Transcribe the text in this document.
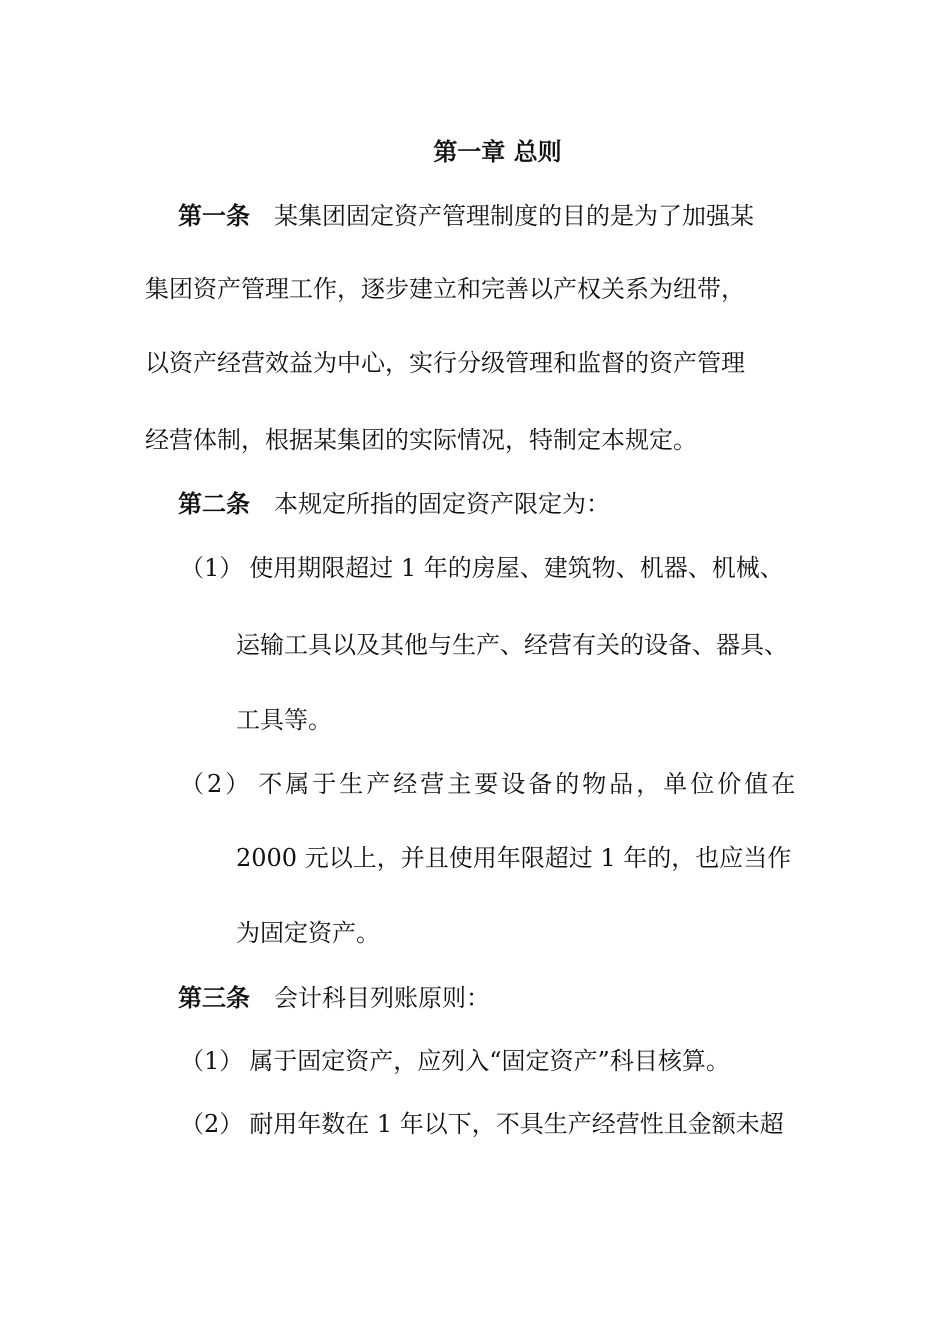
第一章 总则

第一条 某集团固定资产管理制度的目的是为了加强某

集团资产管理工作，逐步建立和完善以产权关系为纽带，

以资产经营效益为中心，实行分级管理和监督的资产管理

经营体制，根据某集团的实际情况，特制定本规定。

第二条 本规定所指的固定资产限定为：

（1） 使用期限超过 1 年的房屋、建筑物、机器、机械、

运输工具以及其他与生产、经营有关的设备、器具、

工具等。

（2） 不属于生产经营主要设备的物品，单位价值在

2000 元以上，并且使用年限超过 1 年的，也应当作

为固定资产。

第三条 会计科目列账原则：

（1） 属于固定资产，应列入“固定资产”科目核算。

（2） 耐用年数在 1 年以下，不具生产经营性且金额未超
